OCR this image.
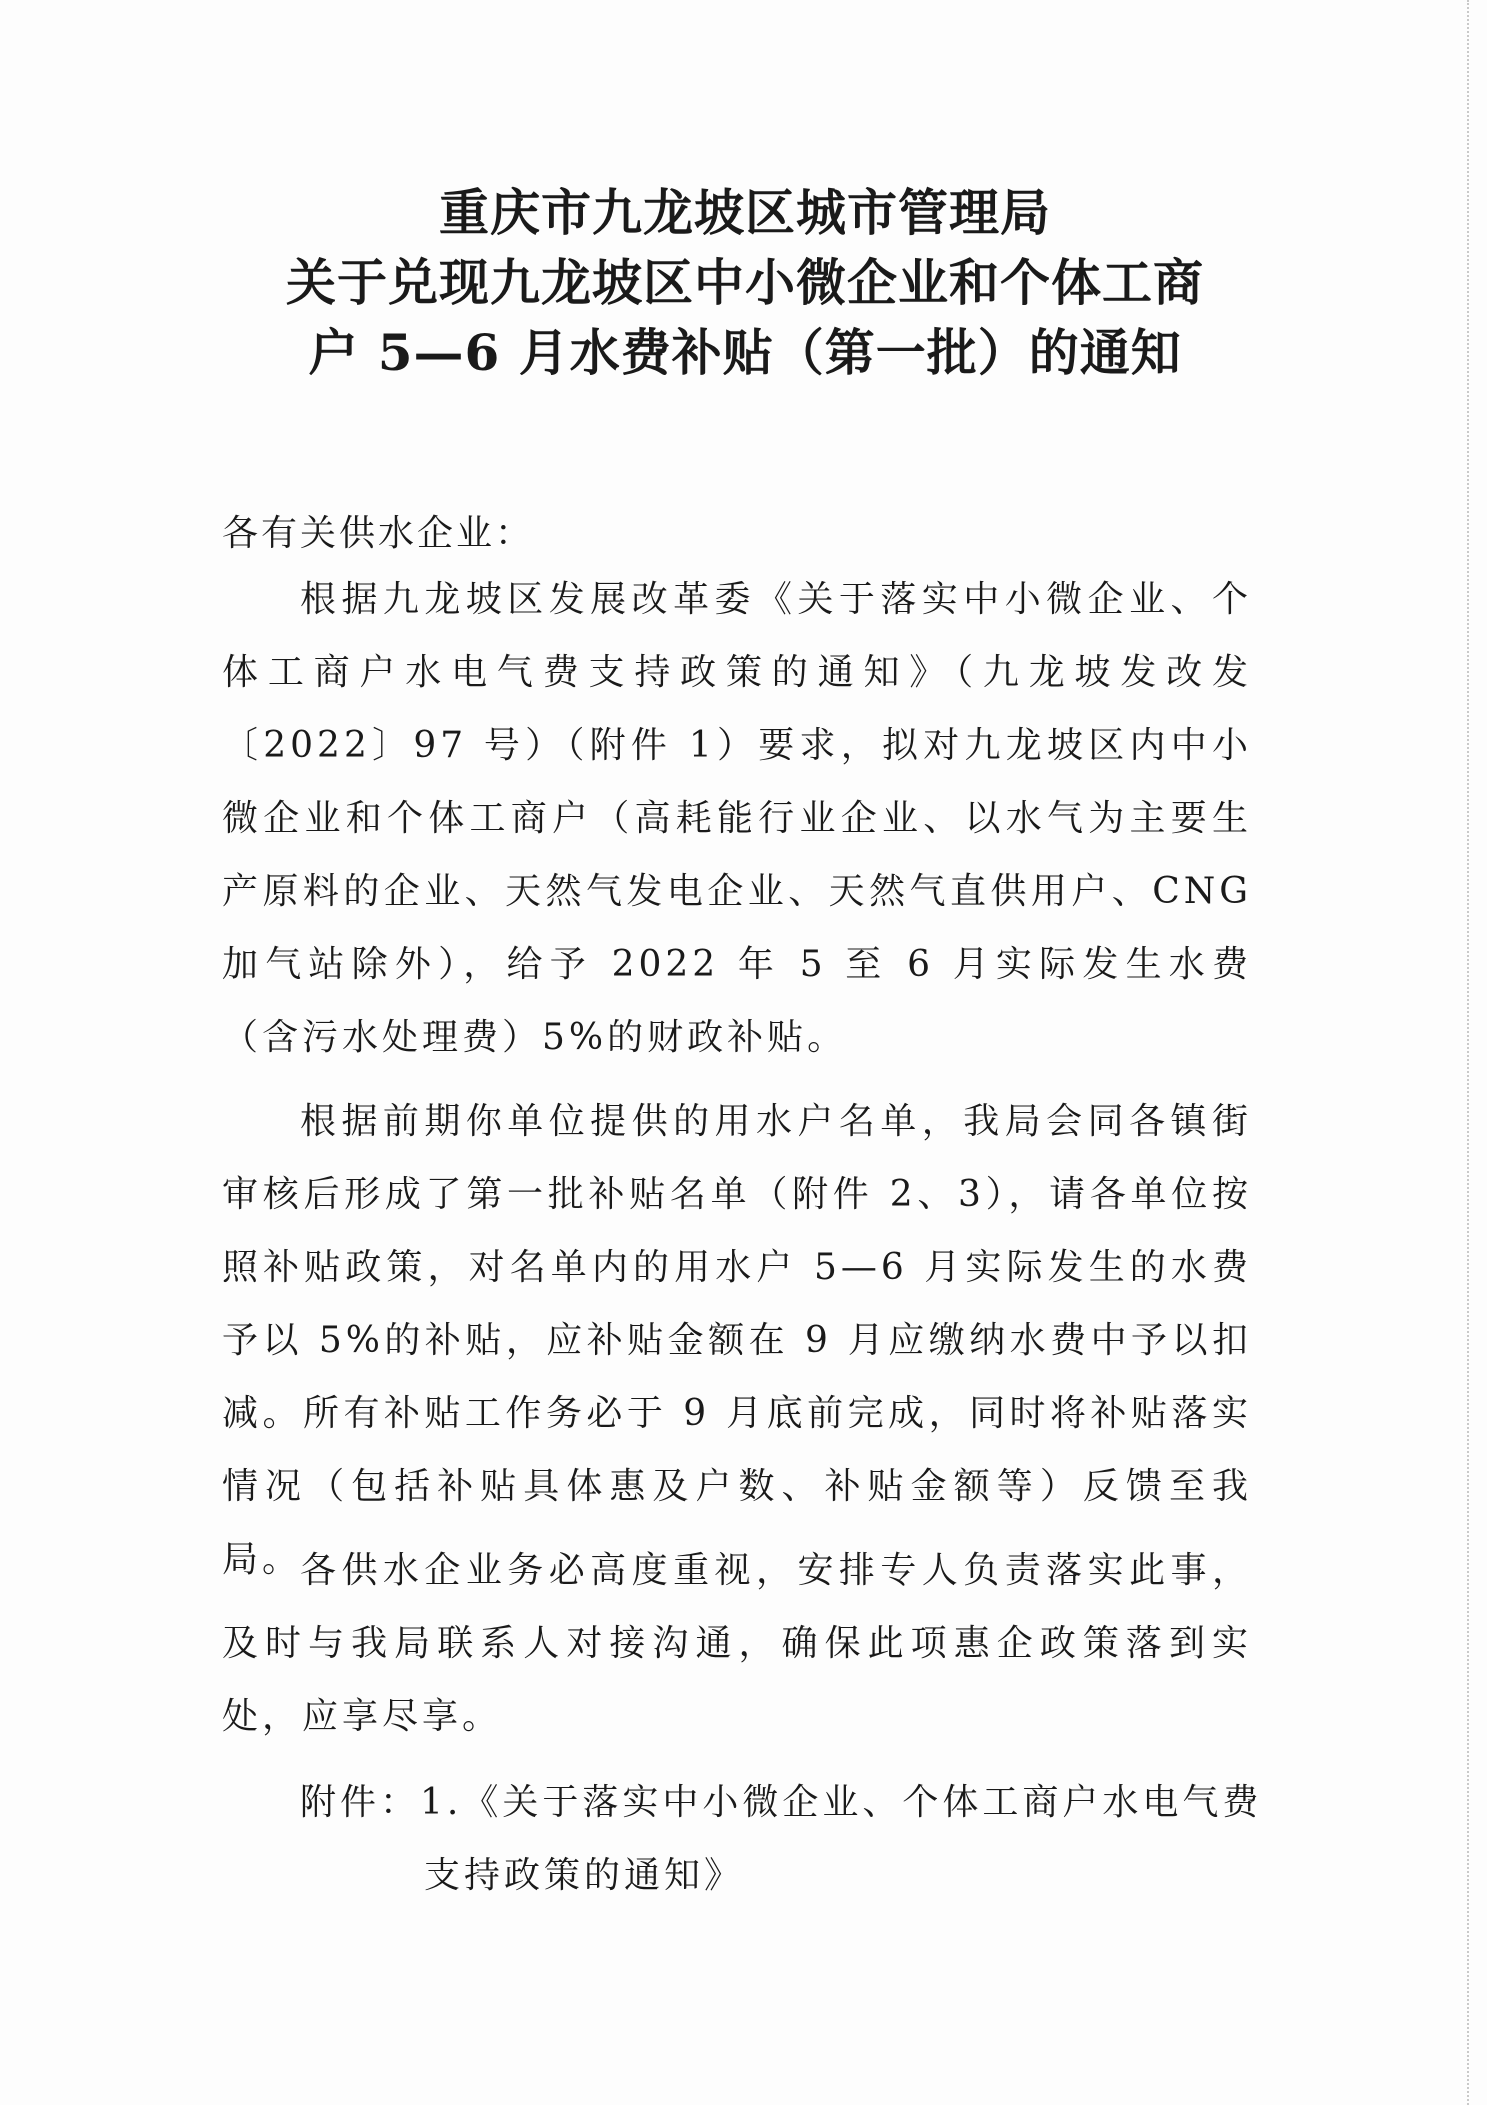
重庆市九龙坡区城市管理局
关于兑现九龙坡区中小微企业和个体工商
户 5—6 月水费补贴（第一批）的通知
各有关供水企业：
根据九龙坡区发展改革委《关于落实中小微企业、个体工商户水电气费支持政策的通知》（九龙坡发改发〔2022〕97 号）（附件 1）要求，拟对九龙坡区内中小微企业和个体工商户（高耗能行业企业、以水气为主要生产原料的企业、天然气发电企业、天然气直供用户、CNG 加气站除外），给予 2022 年 5 至 6 月实际发生水费（含污水处理费）5%的财政补贴。
根据前期你单位提供的用水户名单，我局会同各镇街审核后形成了第一批补贴名单（附件 2、3），请各单位按照补贴政策，对名单内的用水户 5—6 月实际发生的水费予以 5%的补贴，应补贴金额在 9 月应缴纳水费中予以扣减。所有补贴工作务必于 9 月底前完成，同时将补贴落实情况（包括补贴具体惠及户数、补贴金额等）反馈至我局。
各供水企业务必高度重视，安排专人负责落实此事，及时与我局联系人对接沟通，确保此项惠企政策落到实处，应享尽享。
附件：1.《关于落实中小微企业、个体工商户水电气费
支持政策的通知》
